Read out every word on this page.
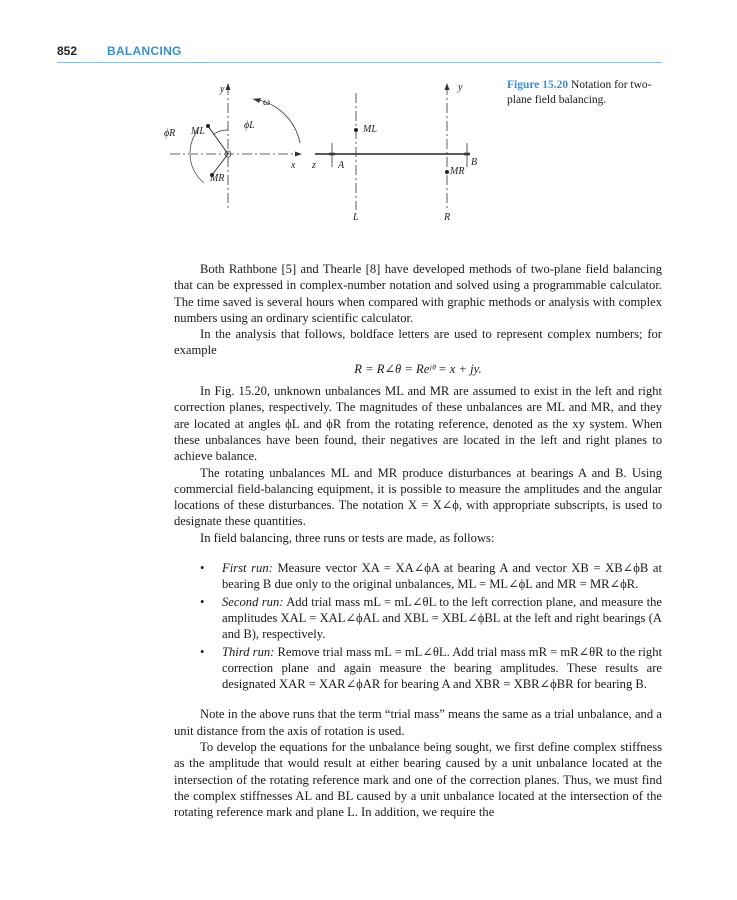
852 BALANCING
y
ω
ϕR ML
ϕL
MR
x z A
ML
B
MR
y
L	R
Figure 15.20 Notation for two-plane field balancing.

Both Rathbone [5] and Thearle [8] have developed methods of two-plane field balancing that can be expressed in complex-number notation and solved using a programmable calculator. The time saved is several hours when compared with graphic methods or analysis with complex numbers using an ordinary scientific calculator.

In the analysis that follows, boldface letters are used to represent complex numbers; for example

R = R∠θ = Reʲᶿ = x + jy.

In Fig. 15.20, unknown unbalances ML and MR are assumed to exist in the left and right correction planes, respectively. The magnitudes of these unbalances are ML and MR, and they are located at angles ϕL and ϕR from the rotating reference, denoted as the xy system. When these unbalances have been found, their negatives are located in the left and right planes to achieve balance.

The rotating unbalances ML and MR produce disturbances at bearings A and B. Using commercial field-balancing equipment, it is possible to measure the amplitudes and the angular locations of these disturbances. The notation X = X∠ϕ, with appropriate subscripts, is used to designate these quantities.

In field balancing, three runs or tests are made, as follows:

• First run: Measure vector XA = XA∠ϕA at bearing A and vector XB = XB∠ϕB at bearing B due only to the original unbalances, ML = ML∠ϕL and MR = MR∠ϕR.
• Second run: Add trial mass mL = mL∠θL to the left correction plane, and measure the amplitudes XAL = XAL∠ϕAL and XBL = XBL∠ϕBL at the left and right bearings (A and B), respectively.
• Third run: Remove trial mass mL = mL∠θL. Add trial mass mR = mR∠θR to the right correction plane and again measure the bearing amplitudes. These results are designated XAR = XAR∠ϕAR for bearing A and XBR = XBR∠ϕBR for bearing B.

Note in the above runs that the term “trial mass” means the same as a trial unbalance, and a unit distance from the axis of rotation is used.

To develop the equations for the unbalance being sought, we first define complex stiffness as the amplitude that would result at either bearing caused by a unit unbalance located at the intersection of the rotating reference mark and one of the correction planes. Thus, we must find the complex stiffnesses AL and BL caused by a unit unbalance located at the intersection of the rotating reference mark and plane L. In addition, we require the
